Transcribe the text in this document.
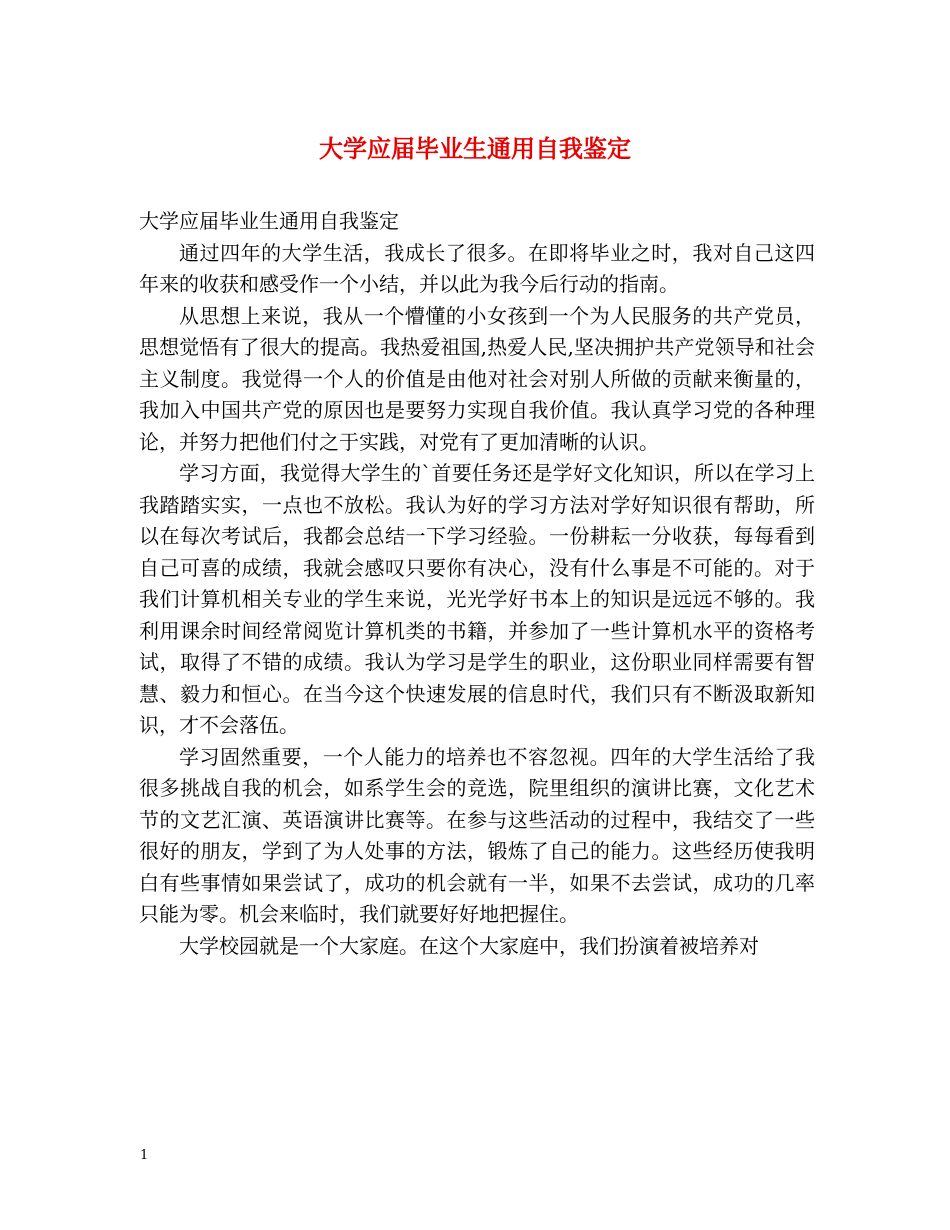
大学应届毕业生通用自我鉴定

大学应届毕业生通用自我鉴定

通过四年的大学生活，我成长了很多。在即将毕业之时，我对自己这四年来的收获和感受作一个小结，并以此为我今后行动的指南。

从思想上来说，我从一个懵懂的小女孩到一个为人民服务的共产党员，思想觉悟有了很大的提高。我热爱祖国,热爱人民,坚决拥护共产党领导和社会主义制度。我觉得一个人的价值是由他对社会对别人所做的贡献来衡量的，我加入中国共产党的原因也是要努力实现自我价值。我认真学习党的各种理论，并努力把他们付之于实践，对党有了更加清晰的认识。

学习方面，我觉得大学生的`首要任务还是学好文化知识，所以在学习上我踏踏实实，一点也不放松。我认为好的学习方法对学好知识很有帮助，所以在每次考试后，我都会总结一下学习经验。一份耕耘一分收获，每每看到自己可喜的成绩，我就会感叹只要你有决心，没有什么事是不可能的。对于我们计算机相关专业的学生来说，光光学好书本上的知识是远远不够的。我利用课余时间经常阅览计算机类的书籍，并参加了一些计算机水平的资格考试，取得了不错的成绩。我认为学习是学生的职业，这份职业同样需要有智慧、毅力和恒心。在当今这个快速发展的信息时代，我们只有不断汲取新知识，才不会落伍。

学习固然重要，一个人能力的培养也不容忽视。四年的大学生活给了我很多挑战自我的机会，如系学生会的竞选，院里组织的演讲比赛，文化艺术节的文艺汇演、英语演讲比赛等。在参与这些活动的过程中，我结交了一些很好的朋友，学到了为人处事的方法，锻炼了自己的能力。这些经历使我明白有些事情如果尝试了，成功的机会就有一半，如果不去尝试，成功的几率只能为零。机会来临时，我们就要好好地把握住。

大学校园就是一个大家庭。在这个大家庭中，我们扮演着被培养对

1
